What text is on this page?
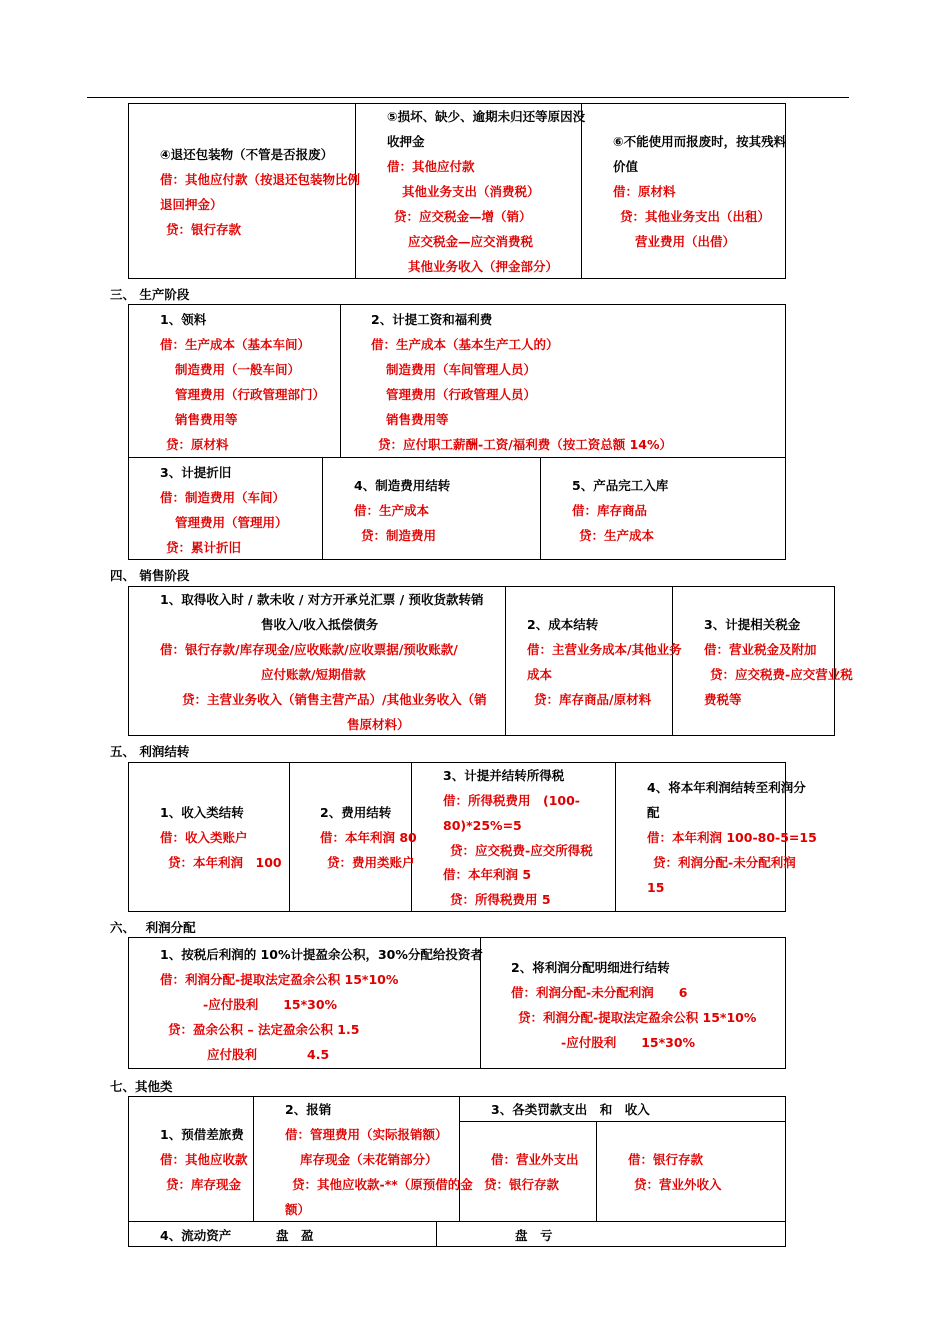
④退还包装物（不管是否报废）
借：其他应付款（按退还包装物比例
退回押金）
贷：银行存款
⑤损坏、缺少、逾期未归还等原因没
收押金
借：其他应付款
其他业务支出（消费税）
贷：应交税金—增（销）
应交税金—应交消费税
其他业务收入（押金部分）
⑥不能使用而报废时，按其残料
价值
借：原材料
贷：其他业务支出（出租）
营业费用（出借）
三、 生产阶段
1、领料
借：生产成本（基本车间）
制造费用（一般车间）
管理费用（行政管理部门）
销售费用等
贷：原材料
2、计提工资和福利费
借：生产成本（基本生产工人的）
制造费用（车间管理人员）
管理费用（行政管理人员）
销售费用等
贷：应付职工薪酬-工资/福利费（按工资总额 14%）
3、计提折旧
借：制造费用（车间）
管理费用（管理用）
贷：累计折旧
4、制造费用结转
借：生产成本
贷：制造费用
5、产品完工入库
借：库存商品
贷：生产成本
四、 销售阶段
1、取得收入时 / 款未收 / 对方开承兑汇票 / 预收货款转销
售收入/收入抵偿债务
借：银行存款/库存现金/应收账款/应收票据/预收账款/
应付账款/短期借款
贷：主营业务收入（销售主营产品）/其他业务收入（销
售原材料）
2、成本结转
借：主营业务成本/其他业务
成本
贷：库存商品/原材料
3、计提相关税金
借：营业税金及附加
贷：应交税费-应交营业税
费税等
五、 利润结转
1、收入类结转
借：收入类账户
贷：本年利润　100
2、费用结转
借：本年利润 80
贷：费用类账户
3、计提并结转所得税
借：所得税费用　(100-
80)*25%=5
贷：应交税费-应交所得税
借：本年利润 5
贷：所得税费用 5
4、将本年利润结转至利润分
配
借：本年利润 100-80-5=15
贷：利润分配-未分配利润
15
六、　 利润分配
1、按税后利润的 10%计提盈余公积，30%分配给投资者
借：利润分配-提取法定盈余公积 15*10%
-应付股利　　15*30%
贷：盈余公积 – 法定盈余公积 1.5
应付股利　　　　4.5
2、将利润分配明细进行结转
借：利润分配-未分配利润　　6
贷：利润分配-提取法定盈余公积 15*10%
-应付股利　　15*30%
七、其他类
1、预借差旅费
借：其他应收款
贷：库存现金
2、报销
借：管理费用（实际报销额）
库存现金（未花销部分）
贷：其他应收款-**（原预借的金
额）
3、各类罚款支出　和　收入
借：营业外支出
贷：银行存款
借：银行存款
贷：营业外收入
4、流动资产	盘　盈	盘　亏
